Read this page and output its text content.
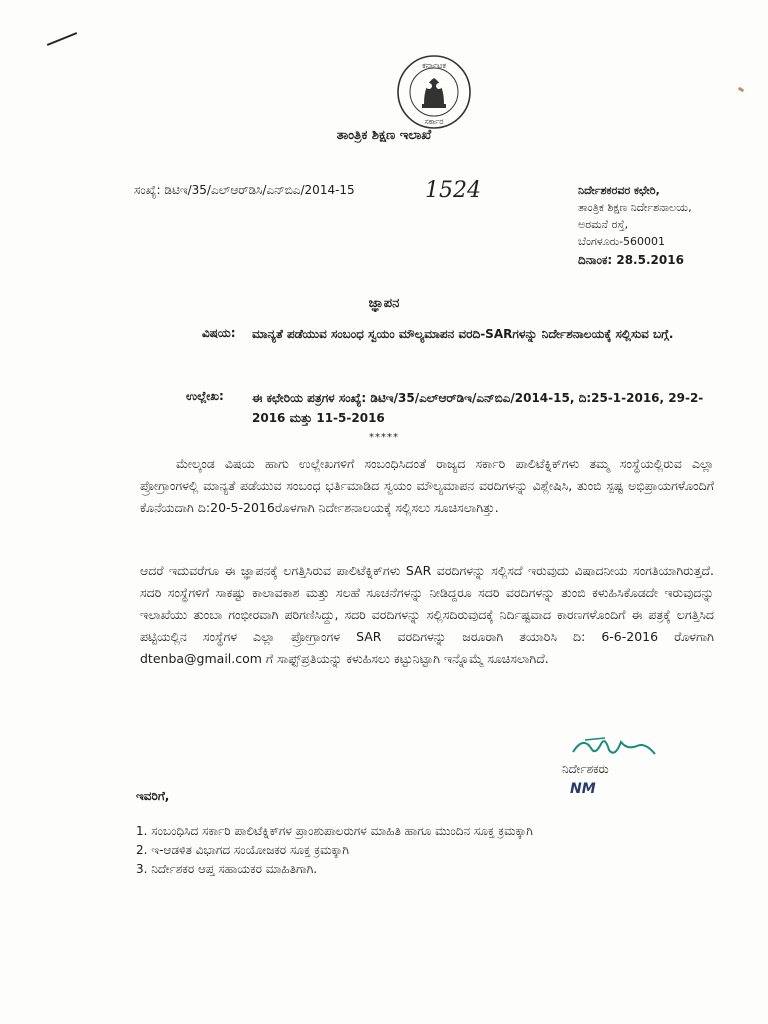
ಕರ್ನಾಟಕ
ಸರ್ಕಾರ
ತಾಂತ್ರಿಕ ಶಿಕ್ಷಣ ಇಲಾಖೆ
ಸಂಖ್ಯೆ: ಡಿಟಿಇ/35/ಎಲ್‌ಆರ್‌ಡಿಸಿ/ಎನ್‌ಬಿಎ/2014-15	1524	ನಿರ್ದೇಶಕರವರ ಕಛೇರಿ,
ತಾಂತ್ರಿಕ ಶಿಕ್ಷಣ ನಿರ್ದೇಶನಾಲಯ,
ಅರಮನೆ ರಸ್ತೆ,
ಬೆಂಗಳೂರು-560001
ದಿನಾಂಕ: 28.5.2016
ಜ್ಞಾಪನ
ವಿಷಯ: ಮಾನ್ಯತೆ ಪಡೆಯುವ ಸಂಬಂಧ ಸ್ವಯಂ ಮೌಲ್ಯಮಾಪನ ವರದಿ-SARಗಳನ್ನು ನಿರ್ದೇಶನಾಲಯಕ್ಕೆ ಸಲ್ಲಿಸುವ ಬಗ್ಗೆ.
ಉಲ್ಲೇಖ: ಈ ಕಛೇರಿಯ ಪತ್ರಗಳ ಸಂಖ್ಯೆ: ಡಿಟಿಇ/35/ಎಲ್‌ಆರ್‌ಡಿಇ/ಎನ್‌ಬಿಎ/2014-15, ದಿ:25-1-2016, 29-2-2016 ಮತ್ತು 11-5-2016
*****
ಮೇಲ್ಕಂಡ ವಿಷಯ ಹಾಗು ಉಲ್ಲೇಖಗಳಿಗೆ ಸಂಬಂಧಿಸಿದಂತೆ ರಾಜ್ಯದ ಸರ್ಕಾರಿ ಪಾಲಿಟೆಕ್ನಿಕ್‌ಗಳು ತಮ್ಮ ಸಂಸ್ಥೆಯಲ್ಲಿರುವ ಎಲ್ಲಾ ಪ್ರೋಗ್ರಾಂಗಳಲ್ಲಿ ಮಾನ್ಯತೆ ಪಡೆಯುವ ಸಂಬಂಧ ಭರ್ತಿಮಾಡಿದ ಸ್ವಯಂ ಮೌಲ್ಯಮಾಪನ ವರದಿಗಳನ್ನು ವಿಶ್ಲೇಷಿಸಿ, ತುಂಬಿ ಸ್ಪಷ್ಟ ಅಭಿಪ್ರಾಯಗಳೊಂದಿಗೆ ಕೊನೆಯದಾಗಿ ದಿ:20-5-2016ರೊಳಗಾಗಿ ನಿರ್ದೇಶನಾಲಯಕ್ಕೆ ಸಲ್ಲಿಸಲು ಸೂಚಿಸಲಾಗಿತ್ತು.
ಆದರೆ ಇದುವರೆಗೂ ಈ ಜ್ಞಾಪನಕ್ಕೆ ಲಗತ್ತಿಸಿರುವ ಪಾಲಿಟೆಕ್ನಿಕ್‌ಗಳು SAR ವರದಿಗಳನ್ನು ಸಲ್ಲಿಸದೆ ಇರುವುದು ವಿಷಾದನೀಯ ಸಂಗತಿಯಾಗಿರುತ್ತದೆ. ಸದರಿ ಸಂಸ್ಥೆಗಳಿಗೆ ಸಾಕಷ್ಟು ಕಾಲಾವಕಾಶ ಮತ್ತು ಸಲಹೆ ಸೂಚನೆಗಳನ್ನು ನೀಡಿದ್ದರೂ ಸದರಿ ವರದಿಗಳನ್ನು ತುಂಬಿ ಕಳುಹಿಸಿಕೊಡದೇ ಇರುವುದನ್ನು ಇಲಾಖೆಯು ತುಂಬಾ ಗಂಭೀರವಾಗಿ ಪರಿಗಣಿಸಿದ್ದು, ಸದರಿ ವರದಿಗಳನ್ನು ಸಲ್ಲಿಸದಿರುವುದಕ್ಕೆ ನಿರ್ದಿಷ್ಟವಾದ ಕಾರಣಗಳೊಂದಿಗೆ ಈ ಪತ್ರಕ್ಕೆ ಲಗತ್ತಿಸಿದ ಪಟ್ಟಿಯಲ್ಲಿನ ಸಂಸ್ಥೆಗಳ ಎಲ್ಲಾ ಪ್ರೋಗ್ರಾಂಗಳ SAR ವರದಿಗಳನ್ನು ಜರೂರಾಗಿ ತಯಾರಿಸಿ ದಿ: 6-6-2016 ರೊಳಗಾಗಿ dtenba@gmail.com ಗೆ ಸಾಫ್ಟ್‌ಪ್ರತಿಯನ್ನು ಕಳುಹಿಸಲು ಕಟ್ಟುನಿಟ್ಟಾಗಿ ಇನ್ನೊಮ್ಮೆ ಸೂಚಿಸಲಾಗಿದೆ.
ನಿರ್ದೇಶಕರು
NM
ಇವರಿಗೆ,
1. ಸಂಬಂಧಿಸಿದ ಸರ್ಕಾರಿ ಪಾಲಿಟೆಕ್ನಿಕ್‌ಗಳ ಪ್ರಾಂಶುಪಾಲರುಗಳ ಮಾಹಿತಿ ಹಾಗೂ ಮುಂದಿನ ಸೂಕ್ತ ಕ್ರಮಕ್ಕಾಗಿ
2. ಇ-ಆಡಳಿತ ವಿಭಾಗದ ಸಂಯೋಜಕರ ಸೂಕ್ತ ಕ್ರಮಕ್ಕಾಗಿ
3. ನಿರ್ದೇಶಕರ ಆಪ್ತ ಸಹಾಯಕರ ಮಾಹಿತಿಗಾಗಿ.
